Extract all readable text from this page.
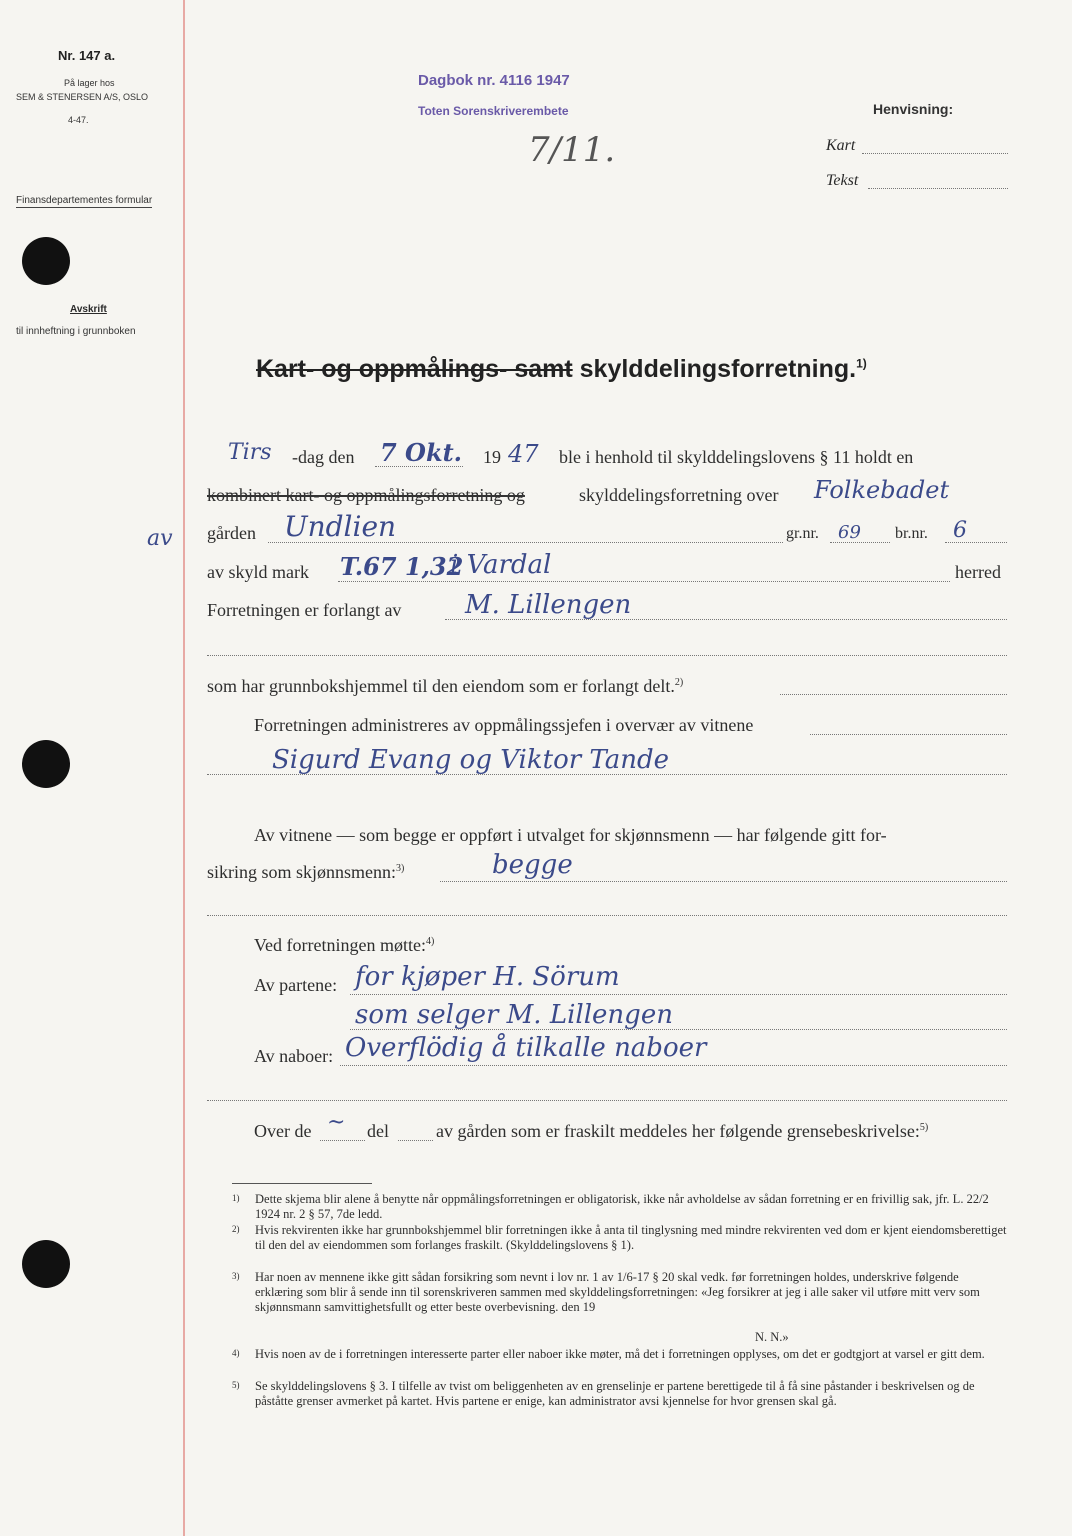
Nr. 147 a.
På lager hos
SEM & STENERSEN A/S, OSLO
4-47.
Finansdepartementes formular
Avskrift
til innheftning i grunnboken
Dagbok nr. 4116 1947
Toten Sorenskriverembete
7/11.
Henvisning:
Kart
Tekst
Kart- og oppmålings- samt skylddelingsforretning.$^{1)}$
Tirs -dag den 7 Okt. 19 47 ble i henhold til skylddelingslovens § 11 holdt en
kombinert kart- og oppmålingsforretning og	skylddelingsforretning over Folkebadet
av gården Undlien	gr.nr. 69 br.nr. 6
av skyld mark T.67 1,32
i Vardal	herred
Forretningen er forlangt av M. Lillengen
som har grunnbokshjemmel til den eiendom som er forlangt delt.$^{2)}$
Forretningen administreres av oppmålingssjefen i overvær av vitnene
Sigurd Evang og Viktor Tande
Av vitnene — som begge er oppført i utvalget for skjønnsmenn — har følgende gitt for-
sikring som skjønnsmenn:$^{3)}$	begge
Ved forretningen møtte:$^{4)}$
Av partene: for kjøper H. Sörum
som selger M. Lillengen
Av naboer: Overflödig å tilkalle naboer
Over de ~ del	av gården som er fraskilt meddeles her følgende grensebeskrivelse:$^{5)}$
1) Dette skjema blir alene å benytte når oppmålingsforretningen er obligatorisk, ikke når avholdelse av sådan forretning er en frivillig sak, jfr. L. 22/2 1924 nr. 2 § 57, 7de ledd.
2) Hvis rekvirenten ikke har grunnbokshjemmel blir forretningen ikke å anta til tinglysning med mindre rekvirenten ved dom er kjent eiendomsberettiget til den del av eiendommen som forlanges fraskilt. (Skylddelingslovens § 1).
3) Har noen av mennene ikke gitt sådan forsikring som nevnt i lov nr. 1 av 1/6-17 § 20 skal vedk. før forretningen holdes, underskrive følgende erklæring som blir å sende inn til sorenskriveren sammen med skylddelingsforretningen: «Jeg forsikrer at jeg i alle saker vil utføre mitt verv som skjønnsmann samvittighetsfullt og etter beste overbevisning. den 19
N. N.»
4) Hvis noen av de i forretningen interesserte parter eller naboer ikke møter, må det i forretningen opplyses, om det er godtgjort at varsel er gitt dem.
5) Se skylddelingslovens § 3. I tilfelle av tvist om beliggenheten av en grenselinje er partene berettigede til å få sine påstander i beskrivelsen og de påståtte grenser avmerket på kartet. Hvis partene er enige, kan administrator avsi kjennelse for hvor grensen skal gå.
